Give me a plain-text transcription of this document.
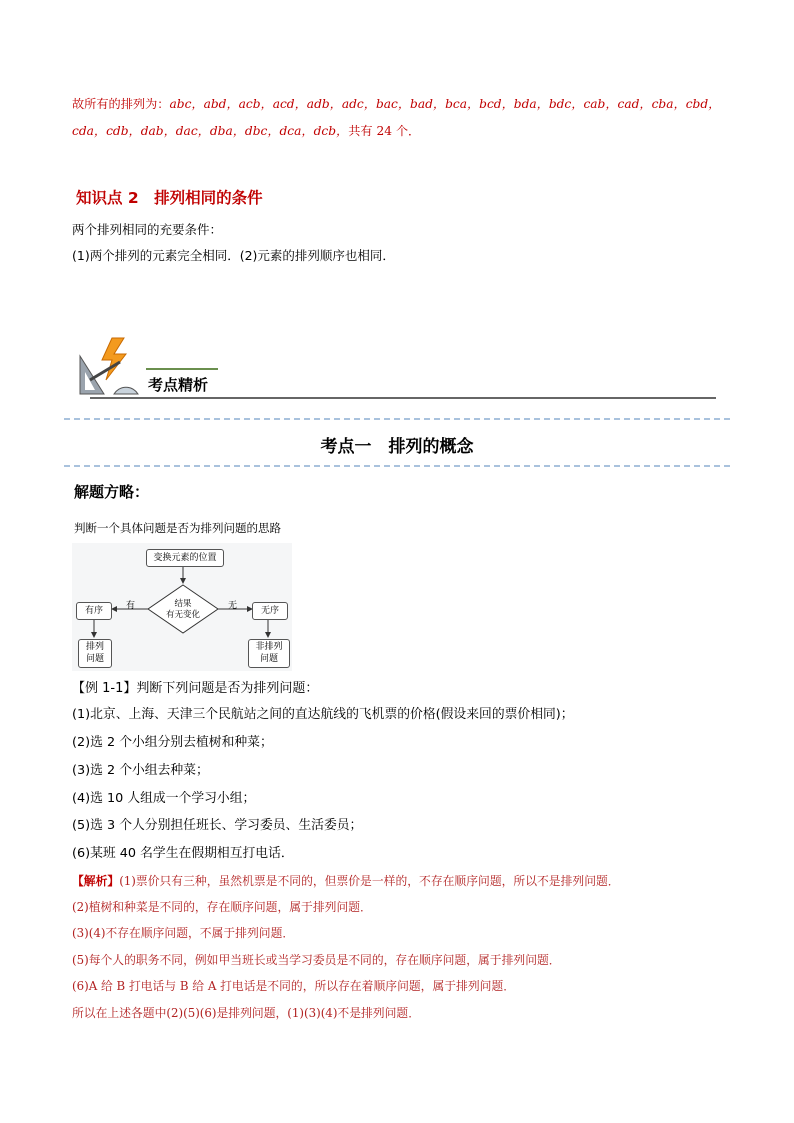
故所有的排列为：abc，abd，acb，acd，adb，adc，bac，bad，bca，bcd，bda，bdc，cab，cad，cba，cbd，
cda，cdb，dab，dac，dba，dbc，dca，dcb，共有 24 个．
知识点 2　排列相同的条件
两个排列相同的充要条件：
(1)两个排列的元素完全相同．(2)元素的排列顺序也相同．
考点精析
考点一　排列的概念
解题方略：
判断一个具体问题是否为排列问题的思路
变换元素的位置
结果
有无变化
有	无
有序	无序
排列
问题
非排列
问题
【例 1-1】判断下列问题是否为排列问题：
(1)北京、上海、天津三个民航站之间的直达航线的飞机票的价格(假设来回的票价相同)；
(2)选 2 个小组分别去植树和种菜；
(3)选 2 个小组去种菜；
(4)选 10 人组成一个学习小组；
(5)选 3 个人分别担任班长、学习委员、生活委员；
(6)某班 40 名学生在假期相互打电话．
【解析】(1)票价只有三种，虽然机票是不同的，但票价是一样的，不存在顺序问题，所以不是排列问题．
(2)植树和种菜是不同的，存在顺序问题，属于排列问题．
(3)(4)不存在顺序问题，不属于排列问题．
(5)每个人的职务不同，例如甲当班长或当学习委员是不同的，存在顺序问题，属于排列问题．
(6)A 给 B 打电话与 B 给 A 打电话是不同的，所以存在着顺序问题，属于排列问题．
所以在上述各题中(2)(5)(6)是排列问题，(1)(3)(4)不是排列问题．
